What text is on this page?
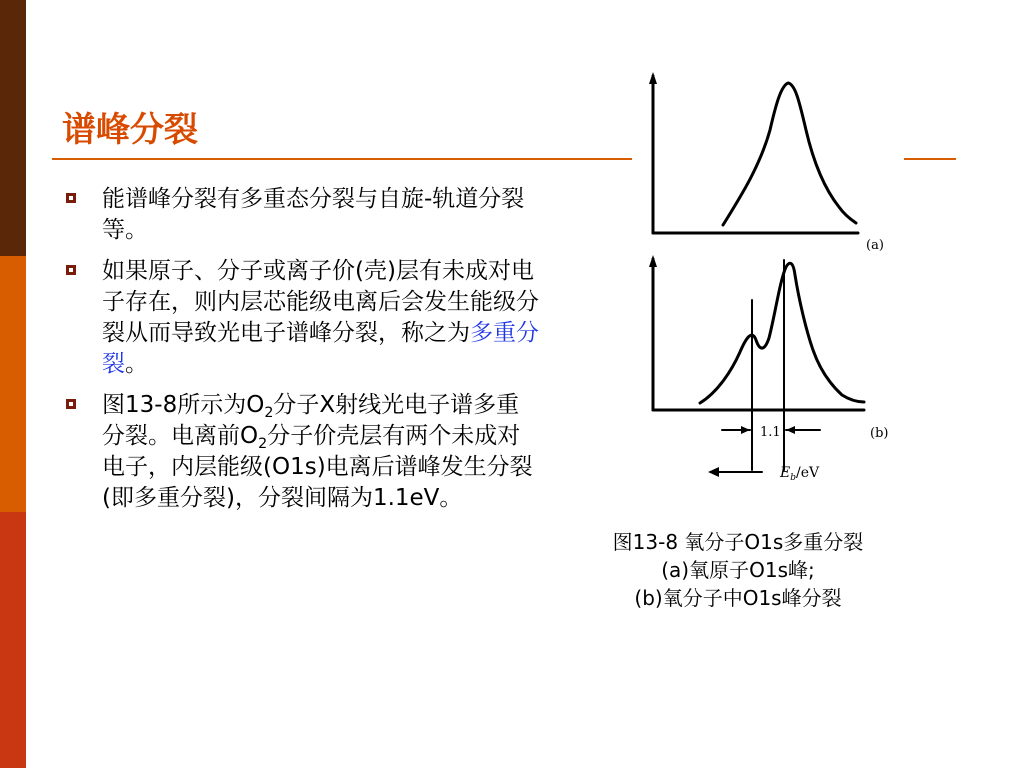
谱峰分裂
能谱峰分裂有多重态分裂与自旋-轨道分裂等。
如果原子、分子或离子价(壳)层有未成对电子存在，则内层芯能级电离后会发生能级分裂从而导致光电子谱峰分裂，称之为多重分裂。
图13-8所示为$O_2$分子X射线光电子谱多重分裂。电离前$O_2$分子价壳层有两个未成对电子，内层能级(O1s)电离后谱峰发生分裂(即多重分裂)，分裂间隔为1.1eV。
(a)
(b)
1.1
$E_b/eV$
图13-8 氧分子O1s多重分裂
(a)氧原子O1s峰;
(b)氧分子中O1s峰分裂
